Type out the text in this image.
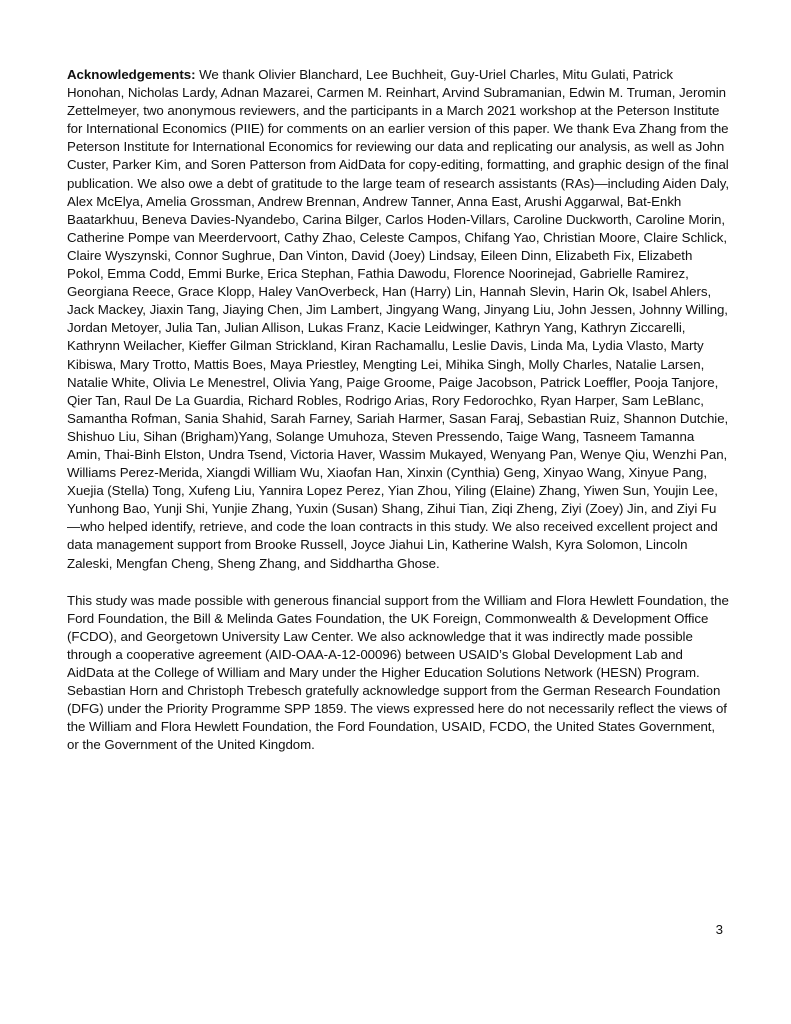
Acknowledgements: We thank Olivier Blanchard, Lee Buchheit, Guy-Uriel Charles, Mitu Gulati, Patrick Honohan, Nicholas Lardy, Adnan Mazarei, Carmen M. Reinhart, Arvind Subramanian, Edwin M. Truman, Jeromin Zettelmeyer, two anonymous reviewers, and the participants in a March 2021 workshop at the Peterson Institute for International Economics (PIIE) for comments on an earlier version of this paper. We thank Eva Zhang from the Peterson Institute for International Economics for reviewing our data and replicating our analysis, as well as John Custer, Parker Kim, and Soren Patterson from AidData for copy-editing, formatting, and graphic design of the final publication. We also owe a debt of gratitude to the large team of research assistants (RAs)—including Aiden Daly, Alex McElya, Amelia Grossman, Andrew Brennan, Andrew Tanner, Anna East, Arushi Aggarwal, Bat-Enkh Baatarkhuu, Beneva Davies-Nyandebo, Carina Bilger, Carlos Hoden-Villars, Caroline Duckworth, Caroline Morin, Catherine Pompe van Meerdervoort, Cathy Zhao, Celeste Campos, Chifang Yao, Christian Moore, Claire Schlick, Claire Wyszynski, Connor Sughrue, Dan Vinton, David (Joey) Lindsay, Eileen Dinn, Elizabeth Fix, Elizabeth Pokol, Emma Codd, Emmi Burke, Erica Stephan, Fathia Dawodu, Florence Noorinejad, Gabrielle Ramirez, Georgiana Reece, Grace Klopp, Haley VanOverbeck, Han (Harry) Lin, Hannah Slevin, Harin Ok, Isabel Ahlers, Jack Mackey, Jiaxin Tang, Jiaying Chen, Jim Lambert, Jingyang Wang, Jinyang Liu, John Jessen, Johnny Willing, Jordan Metoyer, Julia Tan, Julian Allison, Lukas Franz, Kacie Leidwinger, Kathryn Yang, Kathryn Ziccarelli, Kathrynn Weilacher, Kieffer Gilman Strickland, Kiran Rachamallu, Leslie Davis, Linda Ma, Lydia Vlasto, Marty Kibiswa, Mary Trotto, Mattis Boes, Maya Priestley, Mengting Lei, Mihika Singh, Molly Charles, Natalie Larsen, Natalie White, Olivia Le Menestrel, Olivia Yang, Paige Groome, Paige Jacobson, Patrick Loeffler, Pooja Tanjore, Qier Tan, Raul De La Guardia, Richard Robles, Rodrigo Arias, Rory Fedorochko, Ryan Harper, Sam LeBlanc, Samantha Rofman, Sania Shahid, Sarah Farney, Sariah Harmer, Sasan Faraj, Sebastian Ruiz, Shannon Dutchie, Shishuo Liu, Sihan (Brigham)Yang, Solange Umuhoza, Steven Pressendo, Taige Wang, Tasneem Tamanna Amin, Thai-Binh Elston, Undra Tsend, Victoria Haver, Wassim Mukayed, Wenyang Pan, Wenye Qiu, Wenzhi Pan, Williams Perez-Merida, Xiangdi William Wu, Xiaofan Han, Xinxin (Cynthia) Geng, Xinyao Wang, Xinyue Pang, Xuejia (Stella) Tong, Xufeng Liu, Yannira Lopez Perez, Yian Zhou, Yiling (Elaine) Zhang, Yiwen Sun, Youjin Lee, Yunhong Bao, Yunji Shi, Yunjie Zhang, Yuxin (Susan) Shang, Zihui Tian, Ziqi Zheng, Ziyi (Zoey) Jin, and Ziyi Fu—who helped identify, retrieve, and code the loan contracts in this study. We also received excellent project and data management support from Brooke Russell, Joyce Jiahui Lin, Katherine Walsh, Kyra Solomon, Lincoln Zaleski, Mengfan Cheng, Sheng Zhang, and Siddhartha Ghose.

This study was made possible with generous financial support from the William and Flora Hewlett Foundation, the Ford Foundation, the Bill & Melinda Gates Foundation, the UK Foreign, Commonwealth & Development Office (FCDO), and Georgetown University Law Center. We also acknowledge that it was indirectly made possible through a cooperative agreement (AID-OAA-A-12-00096) between USAID’s Global Development Lab and AidData at the College of William and Mary under the Higher Education Solutions Network (HESN) Program. Sebastian Horn and Christoph Trebesch gratefully acknowledge support from the German Research Foundation (DFG) under the Priority Programme SPP 1859. The views expressed here do not necessarily reflect the views of the William and Flora Hewlett Foundation, the Ford Foundation, USAID, FCDO, the United States Government, or the Government of the United Kingdom.

3
